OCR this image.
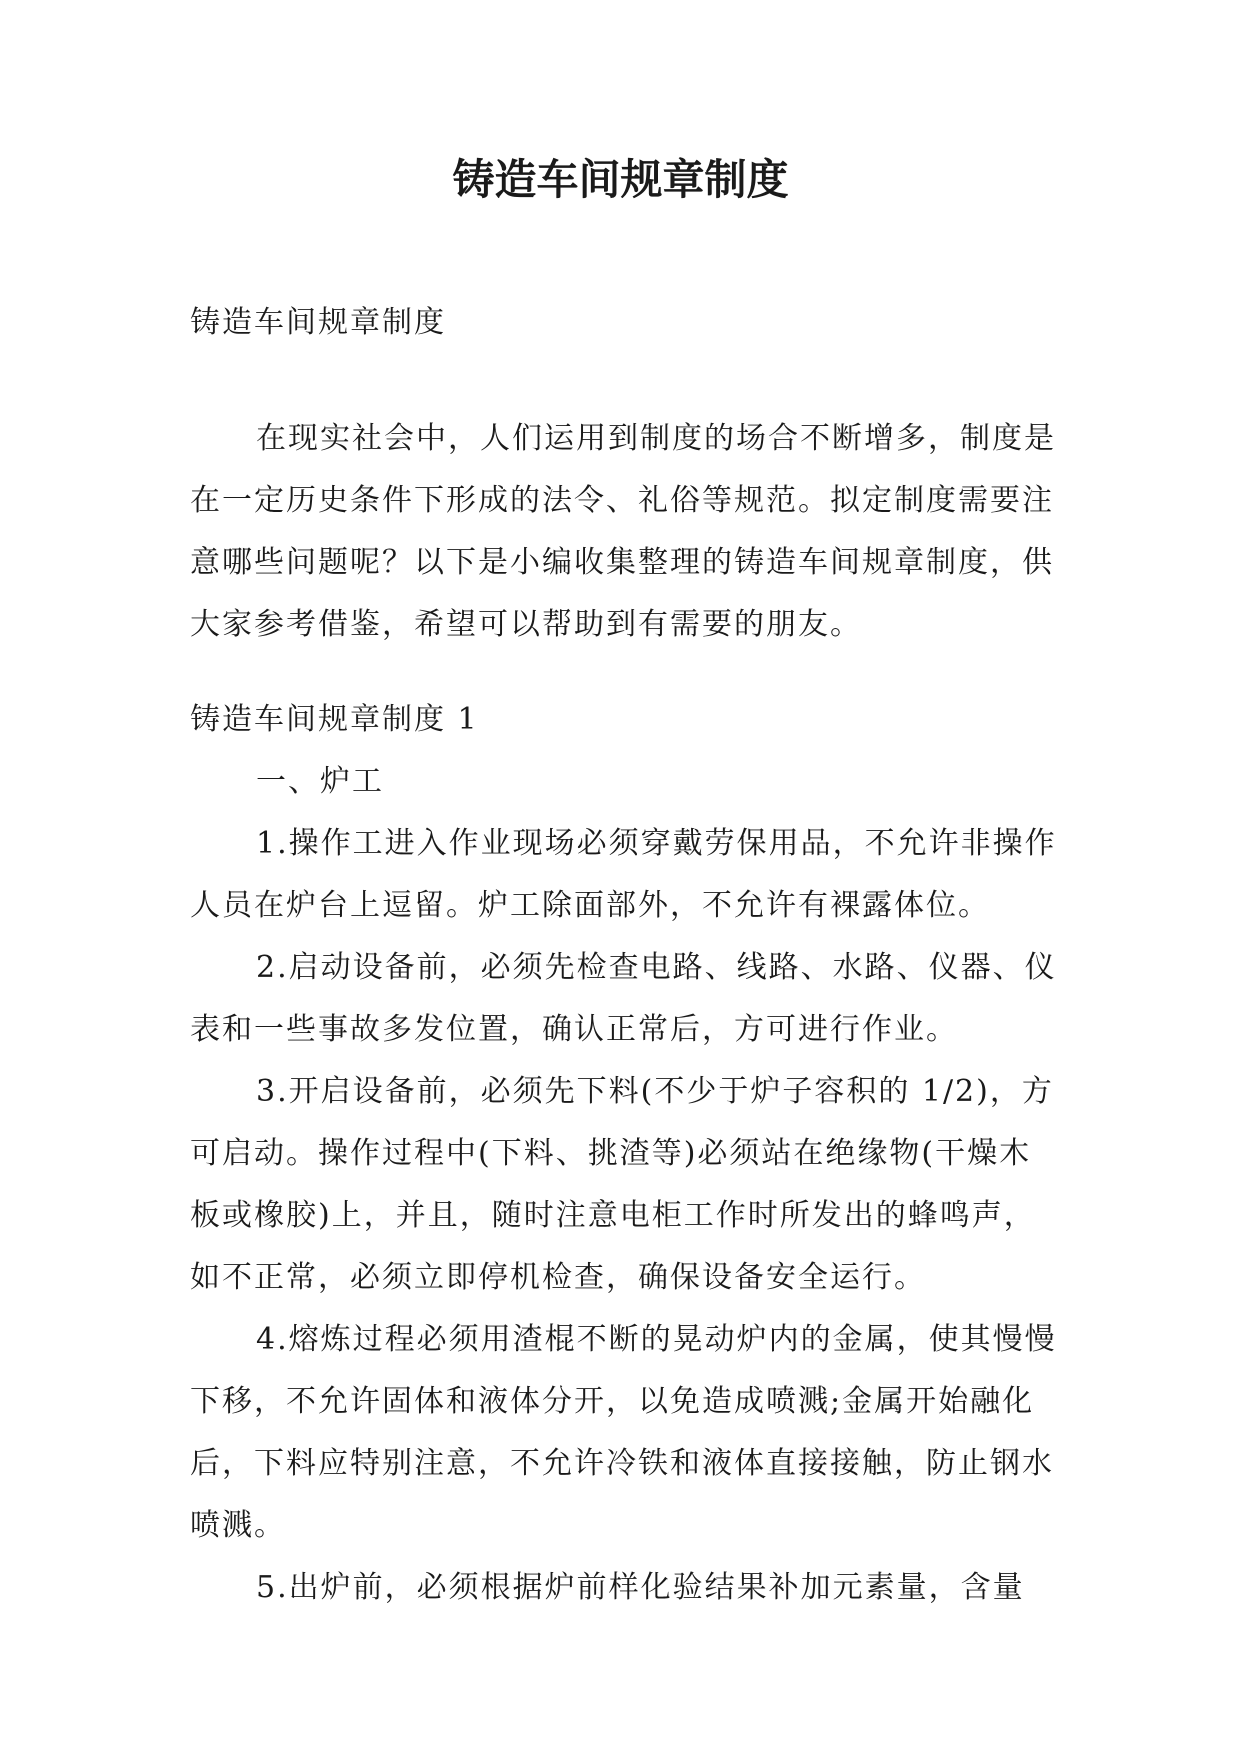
铸造车间规章制度

铸造车间规章制度

在现实社会中，人们运用到制度的场合不断增多，制度是在一定历史条件下形成的法令、礼俗等规范。拟定制度需要注意哪些问题呢？以下是小编收集整理的铸造车间规章制度，供大家参考借鉴，希望可以帮助到有需要的朋友。

铸造车间规章制度 1

一、炉工

1.操作工进入作业现场必须穿戴劳保用品，不允许非操作人员在炉台上逗留。炉工除面部外，不允许有裸露体位。

2.启动设备前，必须先检查电路、线路、水路、仪器、仪表和一些事故多发位置，确认正常后，方可进行作业。

3.开启设备前，必须先下料(不少于炉子容积的 1/2)，方可启动。操作过程中(下料、挑渣等)必须站在绝缘物(干燥木板或橡胶)上，并且，随时注意电柜工作时所发出的蜂鸣声，如不正常，必须立即停机检查，确保设备安全运行。

4.熔炼过程必须用渣棍不断的晃动炉内的金属，使其慢慢下移，不允许固体和液体分开，以免造成喷溅;金属开始融化后，下料应特别注意，不允许冷铁和液体直接接触，防止钢水喷溅。

5.出炉前，必须根据炉前样化验结果补加元素量，含量
